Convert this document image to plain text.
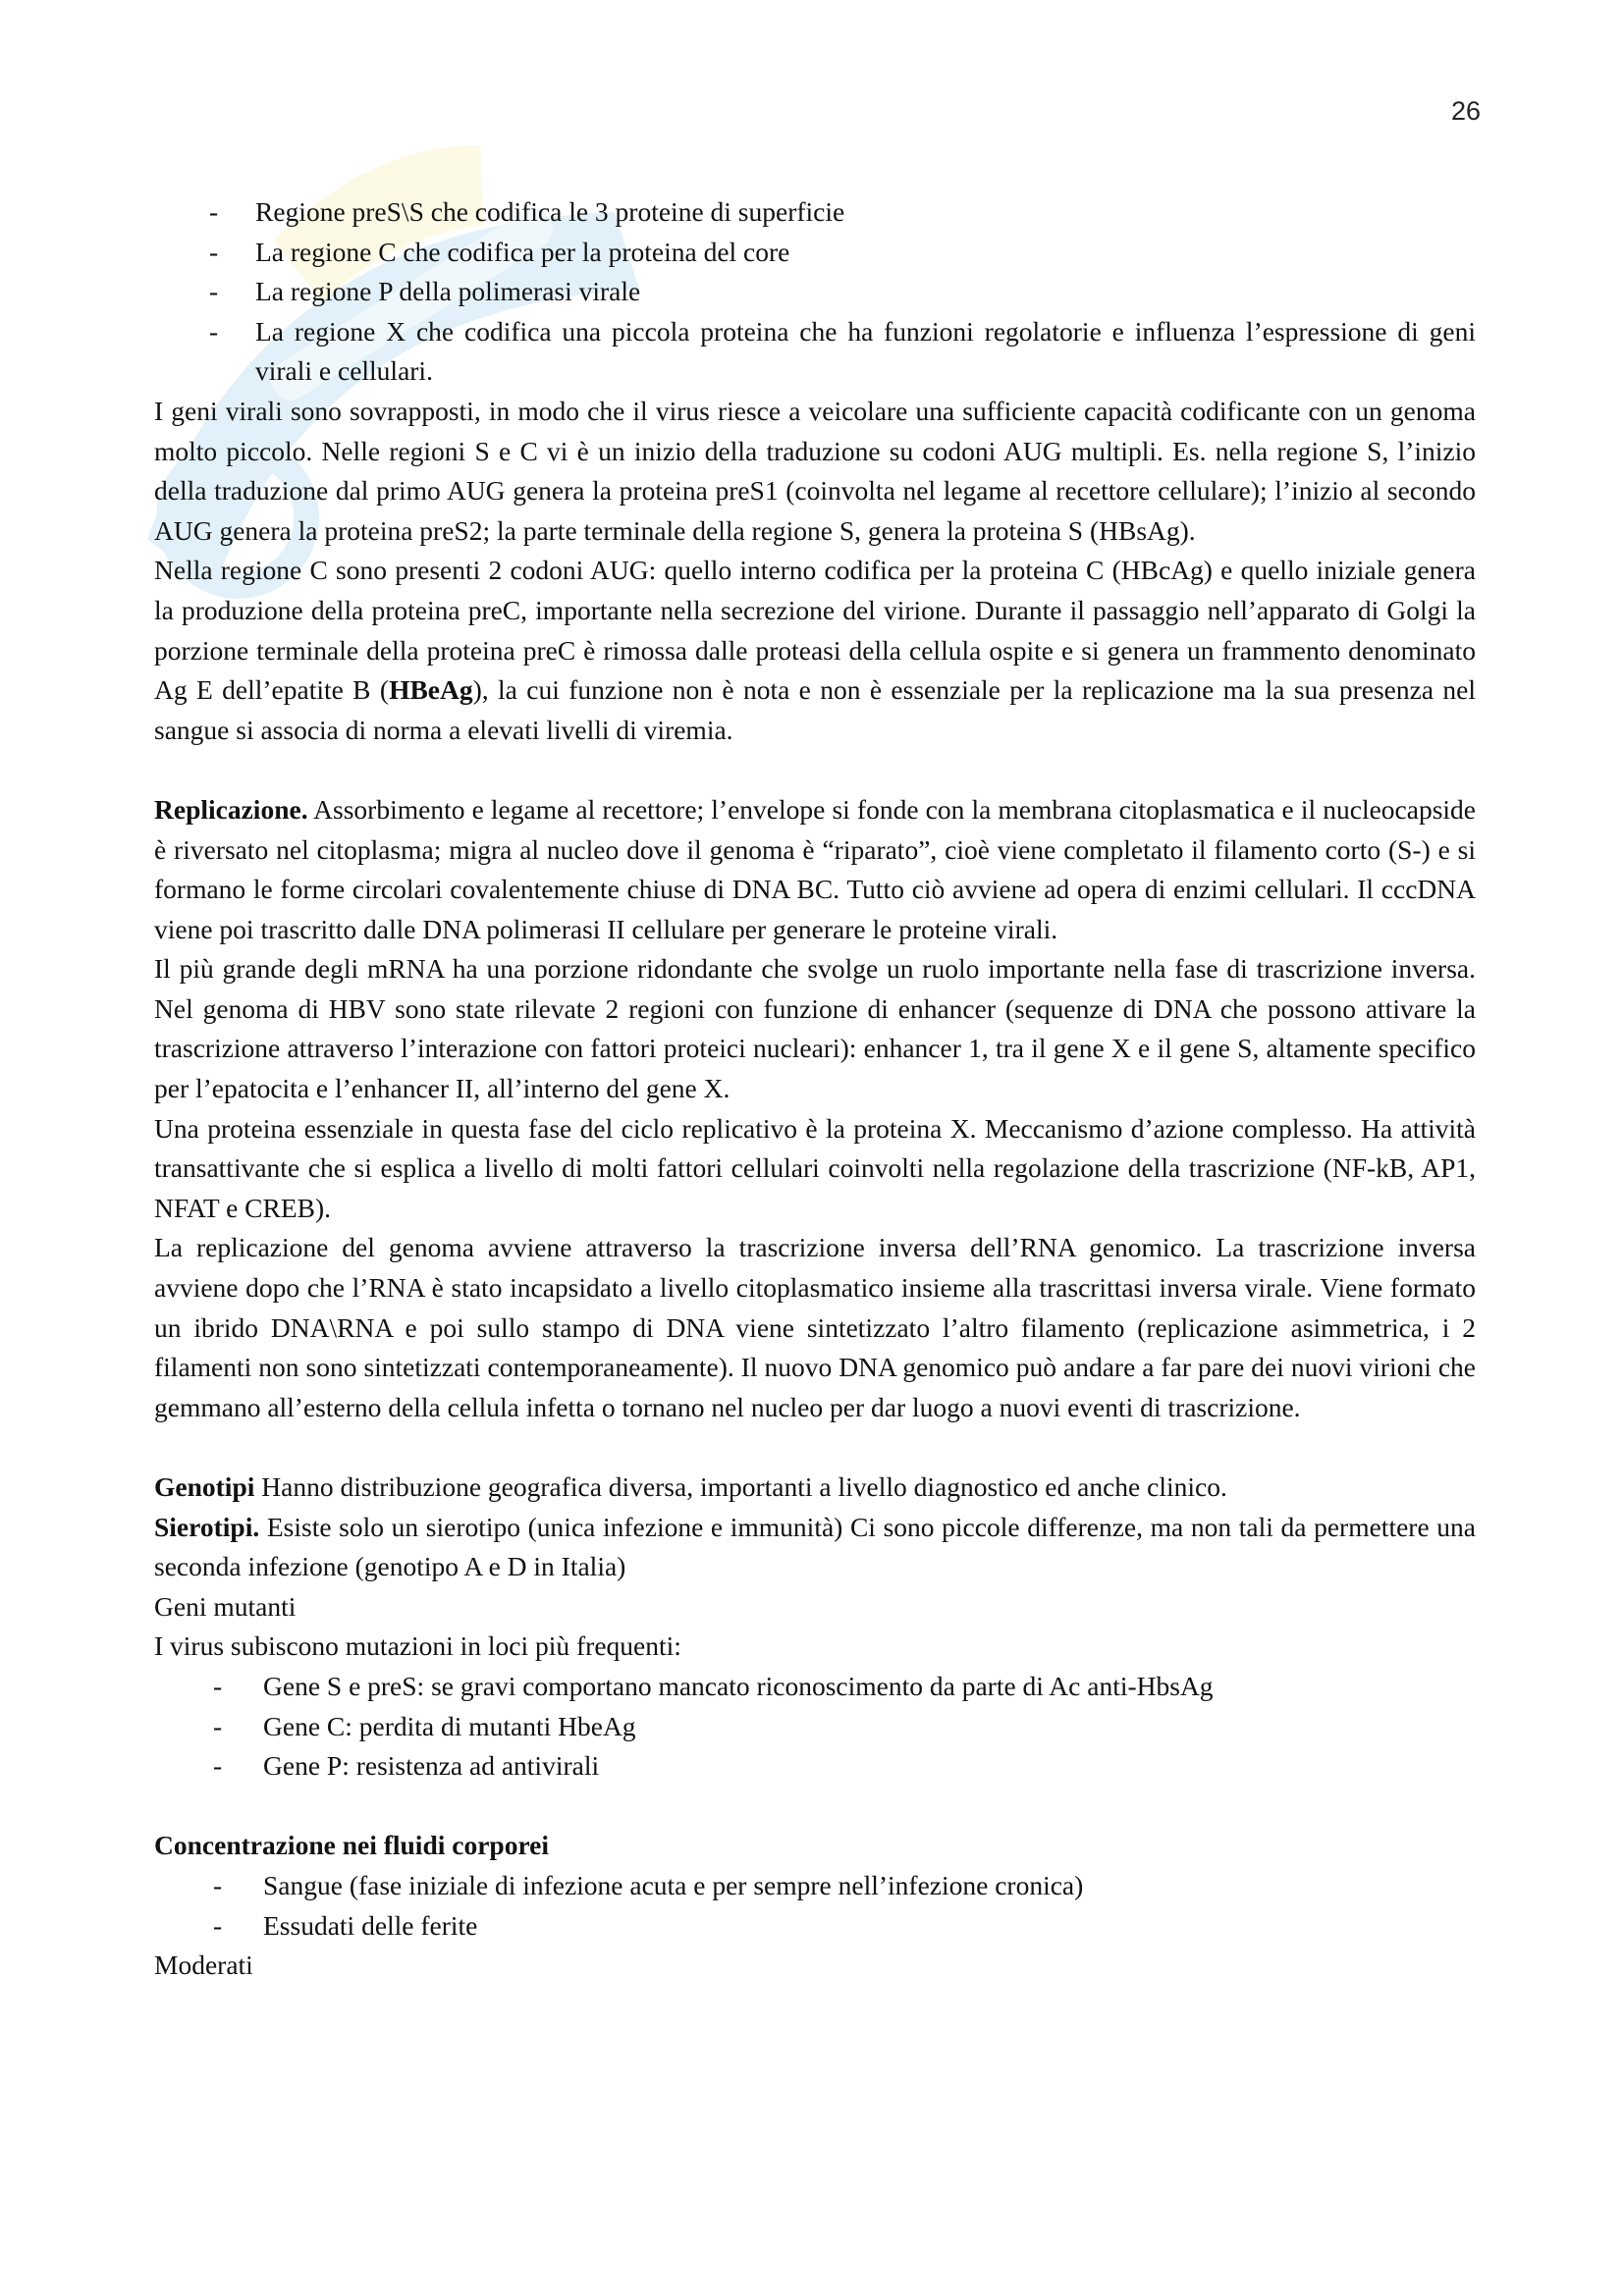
26
- Regione preS\S che codifica le 3 proteine di superficie
- La regione C che codifica per la proteina del core
- La regione P della polimerasi virale
- La regione X che codifica una piccola proteina che ha funzioni regolatorie e influenza l’espressione di geni virali e cellulari.

I geni virali sono sovrapposti, in modo che il virus riesce a veicolare una sufficiente capacità codificante con un genoma molto piccolo. Nelle regioni S e C vi è un inizio della traduzione su codoni AUG multipli. Es. nella regione S, l’inizio della traduzione dal primo AUG genera la proteina preS1 (coinvolta nel legame al recettore cellulare); l’inizio al secondo AUG genera la proteina preS2; la parte terminale della regione S, genera la proteina S (HBsAg).

Nella regione C sono presenti 2 codoni AUG: quello interno codifica per la proteina C (HBcAg) e quello iniziale genera la produzione della proteina preC, importante nella secrezione del virione. Durante il passaggio nell’apparato di Golgi la porzione terminale della proteina preC è rimossa dalle proteasi della cellula ospite e si genera un frammento denominato Ag E dell’epatite B (HBeAg), la cui funzione non è nota e non è essenziale per la replicazione ma la sua presenza nel sangue si associa di norma a elevati livelli di viremia.

Replicazione. Assorbimento e legame al recettore; l’envelope si fonde con la membrana citoplasmatica e il nucleocapside è riversato nel citoplasma; migra al nucleo dove il genoma è “riparato”, cioè viene completato il filamento corto (S-) e si formano le forme circolari covalentemente chiuse di DNA BC. Tutto ciò avviene ad opera di enzimi cellulari. Il cccDNA viene poi trascritto dalle DNA polimerasi II cellulare per generare le proteine virali.

Il più grande degli mRNA ha una porzione ridondante che svolge un ruolo importante nella fase di trascrizione inversa. Nel genoma di HBV sono state rilevate 2 regioni con funzione di enhancer (sequenze di DNA che possono attivare la trascrizione attraverso l’interazione con fattori proteici nucleari): enhancer 1, tra il gene X e il gene S, altamente specifico per l’epatocita e l’enhancer II, all’interno del gene X.

Una proteina essenziale in questa fase del ciclo replicativo è la proteina X. Meccanismo d’azione complesso. Ha attività transattivante che si esplica a livello di molti fattori cellulari coinvolti nella regolazione della trascrizione (NF-kB, AP1, NFAT e CREB).

La replicazione del genoma avviene attraverso la trascrizione inversa dell’RNA genomico. La trascrizione inversa avviene dopo che l’RNA è stato incapsidato a livello citoplasmatico insieme alla trascrittasi inversa virale. Viene formato un ibrido DNA\RNA e poi sullo stampo di DNA viene sintetizzato l’altro filamento (replicazione asimmetrica, i 2 filamenti non sono sintetizzati contemporaneamente). Il nuovo DNA genomico può andare a far pare dei nuovi virioni che gemmano all’esterno della cellula infetta o tornano nel nucleo per dar luogo a nuovi eventi di trascrizione.

Genotipi Hanno distribuzione geografica diversa, importanti a livello diagnostico ed anche clinico.

Sierotipi. Esiste solo un sierotipo (unica infezione e immunità) Ci sono piccole differenze, ma non tali da permettere una seconda infezione (genotipo A e D in Italia)

Geni mutanti

I virus subiscono mutazioni in loci più frequenti:

- Gene S e preS: se gravi comportano mancato riconoscimento da parte di Ac anti-HbsAg
- Gene C: perdita di mutanti HbeAg
- Gene P: resistenza ad antivirali

Concentrazione nei fluidi corporei

- Sangue (fase iniziale di infezione acuta e per sempre nell’infezione cronica)
- Essudati delle ferite

Moderati
